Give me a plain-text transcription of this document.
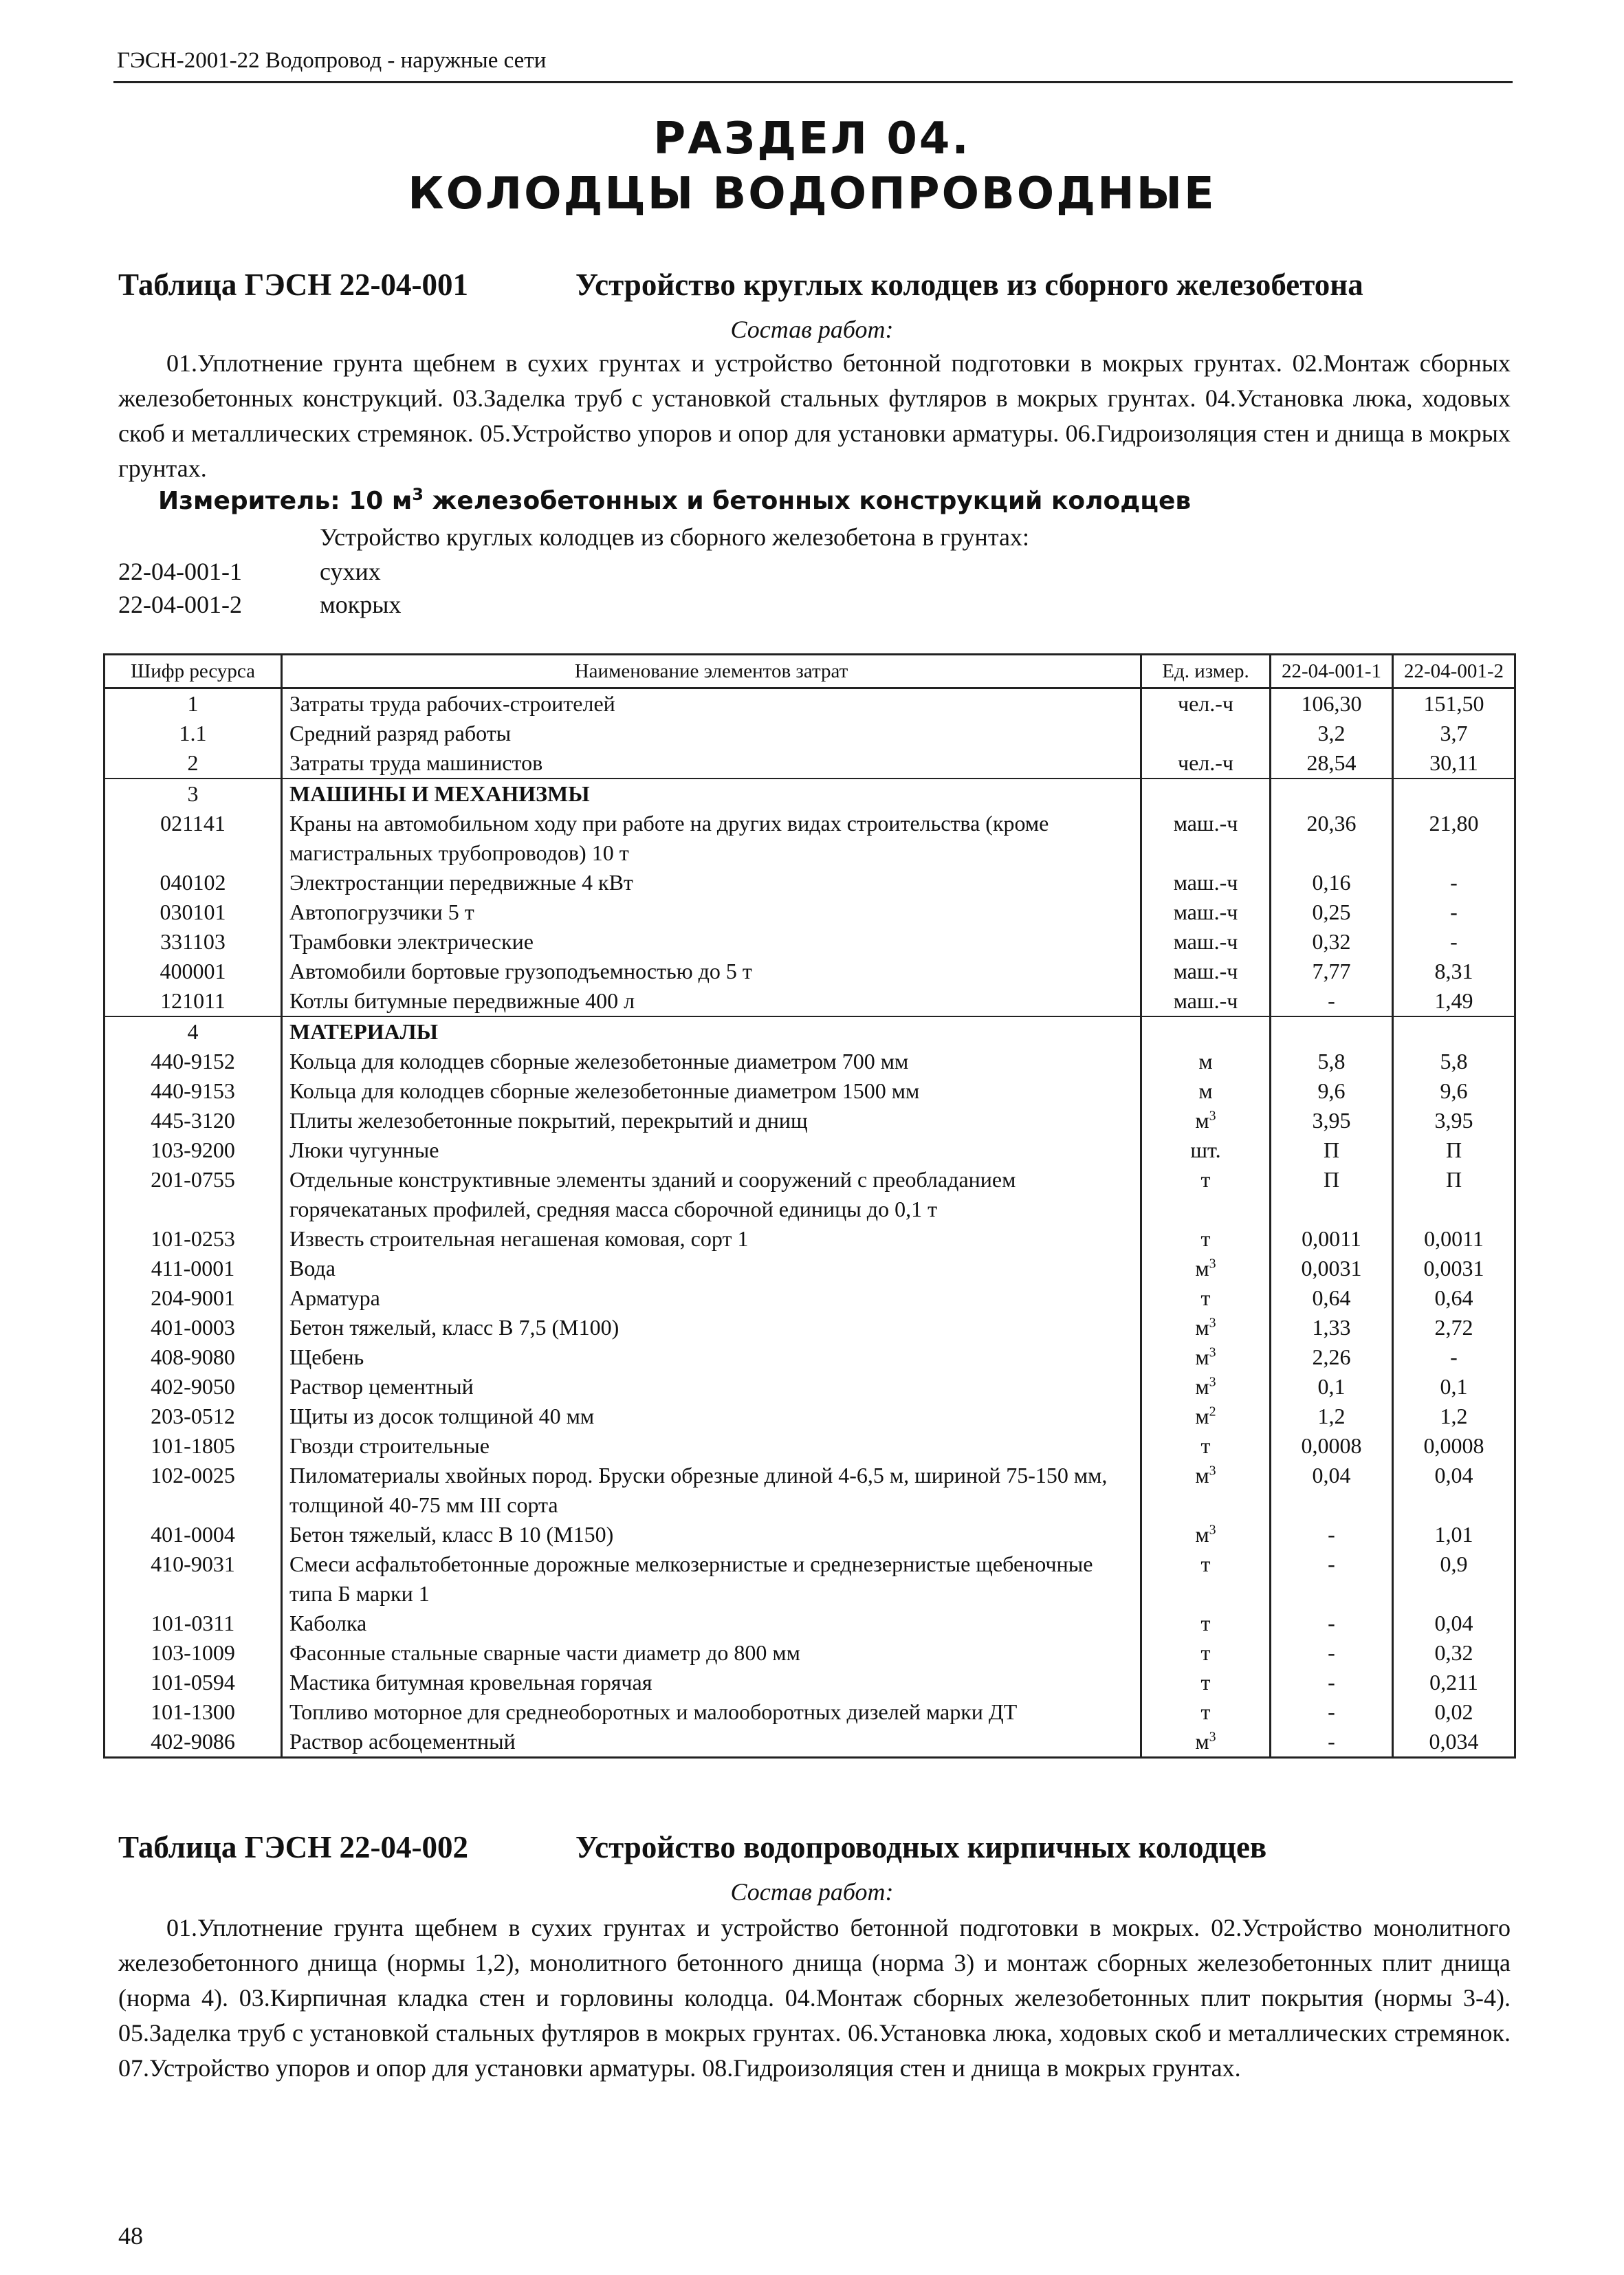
ГЭСН-2001-22 Водопровод - наружные сети
РАЗДЕЛ 04.
КОЛОДЦЫ ВОДОПРОВОДНЫЕ
Таблица ГЭСН 22-04-001	Устройство круглых колодцев из сборного железобетона
Состав работ:
01.Уплотнение грунта щебнем в сухих грунтах и устройство бетонной подготовки в мокрых грунтах. 02.Монтаж сборных железобетонных конструкций. 03.Заделка труб с установкой стальных футляров в мокрых грунтах. 04.Установка люка, ходовых скоб и металлических стремянок. 05.Устройство упоров и опор для установки арматуры. 06.Гидроизоляция стен и днища в мокрых грунтах.
Измеритель: 10 $м^3$ железобетонных и бетонных конструкций колодцев
Устройство круглых колодцев из сборного железобетона в грунтах:
22-04-001-1	сухих
22-04-001-2	мокрых
Шифр ресурса	Наименование элементов затрат	Ед. измер.	22-04-001-1	22-04-001-2
1	Затраты труда рабочих-строителей	чел.-ч	106,30	151,50
1.1	Средний разряд работы		3,2	3,7
2	Затраты труда машинистов	чел.-ч	28,54	30,11
3	МАШИНЫ И МЕХАНИЗМЫ			
021141	Краны на автомобильном ходу при работе на других видах строительства (кроме магистральных трубопроводов) 10 т	маш.-ч	20,36	21,80
040102	Электростанции передвижные 4 кВт	маш.-ч	0,16	-
030101	Автопогрузчики 5 т	маш.-ч	0,25	-
331103	Трамбовки электрические	маш.-ч	0,32	-
400001	Автомобили бортовые грузоподъемностью до 5 т	маш.-ч	7,77	8,31
121011	Котлы битумные передвижные 400 л	маш.-ч	-	1,49
4	МАТЕРИАЛЫ			
440-9152	Кольца для колодцев сборные железобетонные диаметром 700 мм	м	5,8	5,8
440-9153	Кольца для колодцев сборные железобетонные диаметром 1500 мм	м	9,6	9,6
445-3120	Плиты железобетонные покрытий, перекрытий и днищ	$м^3$	3,95	3,95
103-9200	Люки чугунные	шт.	П	П
201-0755	Отдельные конструктивные элементы зданий и сооружений с преобладанием горячекатаных профилей, средняя масса сборочной единицы до 0,1 т	т	П	П
101-0253	Известь строительная негашеная комовая, сорт 1	т	0,0011	0,0011
411-0001	Вода	$м^3$	0,0031	0,0031
204-9001	Арматура	т	0,64	0,64
401-0003	Бетон тяжелый, класс В 7,5 (М100)	$м^3$	1,33	2,72
408-9080	Щебень	$м^3$	2,26	-
402-9050	Раствор цементный	$м^3$	0,1	0,1
203-0512	Щиты из досок толщиной 40 мм	$м^2$	1,2	1,2
101-1805	Гвозди строительные	т	0,0008	0,0008
102-0025	Пиломатериалы хвойных пород. Бруски обрезные длиной 4-6,5 м, шириной 75-150 мм, толщиной 40-75 мм III сорта	$м^3$	0,04	0,04
401-0004	Бетон тяжелый, класс В 10 (М150)	$м^3$	-	1,01
410-9031	Смеси асфальтобетонные дорожные мелкозернистые и среднезернистые щебеночные типа Б марки 1	т	-	0,9
101-0311	Каболка	т	-	0,04
103-1009	Фасонные стальные сварные части диаметр до 800 мм	т	-	0,32
101-0594	Мастика битумная кровельная горячая	т	-	0,211
101-1300	Топливо моторное для среднеоборотных и малооборотных дизелей марки ДТ	т	-	0,02
402-9086	Раствор асбоцементный	$м^3$	-	0,034
Таблица ГЭСН 22-04-002	Устройство водопроводных кирпичных колодцев
Состав работ:
01.Уплотнение грунта щебнем в сухих грунтах и устройство бетонной подготовки в мокрых. 02.Устройство монолитного железобетонного днища (нормы 1,2), монолитного бетонного днища (норма 3) и монтаж сборных железобетонных плит днища (норма 4). 03.Кирпичная кладка стен и горловины колодца. 04.Монтаж сборных железобетонных плит покрытия (нормы 3-4). 05.Заделка труб с установкой стальных футляров в мокрых грунтах. 06.Установка люка, ходовых скоб и металлических стремянок. 07.Устройство упоров и опор для установки арматуры. 08.Гидроизоляция стен и днища в мокрых грунтах.
48
